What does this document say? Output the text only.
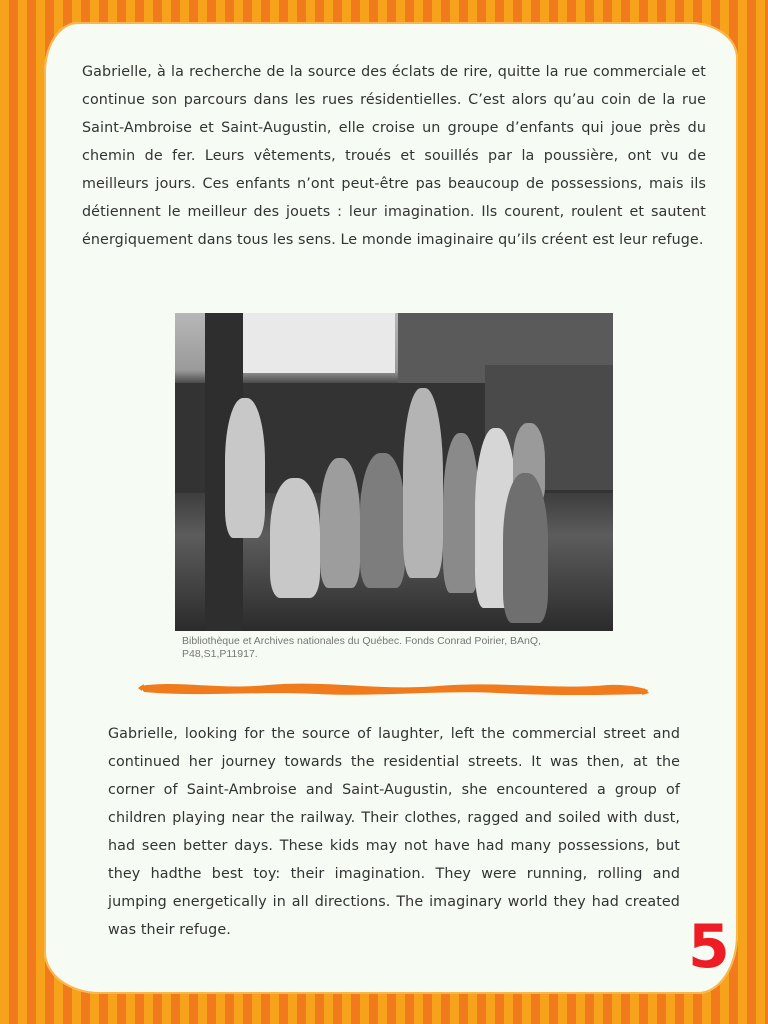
Gabrielle, à la recherche de la source des éclats de rire, quitte la rue commerciale et continue son parcours dans les rues résidentielles. C’est alors qu’au coin de la rue Saint-Ambroise et Saint-Augustin, elle croise un groupe d’enfants qui joue près du chemin de fer. Leurs vêtements, troués et souillés par la poussière, ont vu de meilleurs jours. Ces enfants n’ont peut-être pas beaucoup de possessions, mais ils détiennent le meilleur des jouets : leur imagination. Ils courent, roulent et sautent énergiquement dans tous les sens. Le monde imaginaire qu’ils créent est leur refuge.

Bibliothèque et Archives nationales du Québec. Fonds Conrad Poirier, BAnQ, P48,S1,P11917.

Gabrielle, looking for the source of laughter, left the commercial street and continued her journey towards the residential streets. It was then, at the corner of Saint-Ambroise and Saint-Augustin, she encountered a group of children playing near the railway. Their clothes, ragged and soiled with dust, had seen better days. These kids may not have had many possessions, but they hadthe best toy: their imagination. They were running, rolling and jumping energetically in all directions. The imaginary world they had created was their refuge.	5
